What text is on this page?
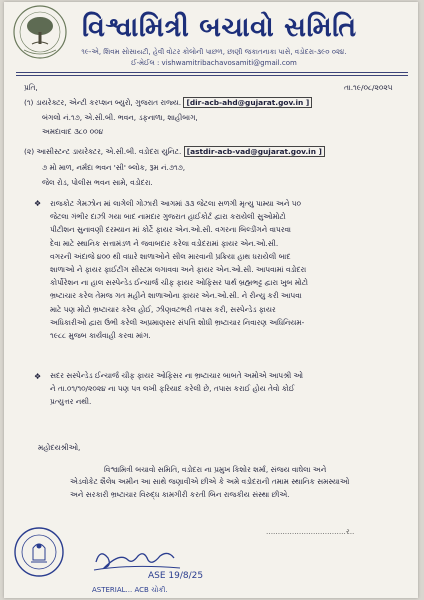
વિશ્વામિત્રી બચાવો સમિતિ
૧૯-એ, શિવમ સોસાયટી, હેવી વોટર કોલોની પાછળ, છાણી જકાતનાકા પાસે, વડોદરા-૩૯૦ ૦૨૪.
ઈ-મેઈલ : vishwamitribachavosamiti@gmail.com
પ્રતિ,	તા.૧૯/૦૮/૨૦૨૫
(૧) ડાયરેક્ટર, એન્ટી કરપ્શન બ્યુરો, ગુજરાત રાજ્ય. [dir-acb-ahd@gujarat.gov.in ]
બંગલો નં.૧૭, એ.સી.બી. ભવન, ડફનાળા, શાહીબાગ,
અમદાવાદ ૩૮૦ ૦૦૪
(૨) આસીસ્ટન્ટ ડાયરેક્ટર, એ.સી.બી. વડોદરા યુનિટ. [astdir-acb-vad@gujarat.gov.in ]
૭ મો માળ, નર્મદા ભવન 'સી' બ્લોક, રૂમ નં.૭૧૭,
જેલ રોડ, પોલીસ ભવન સામે, વડોદરા.
❖	રાજકોટ ગેમઝોન માં લાગેલી ગોઝારી આગમાં ૩૩ જેટલા સળગી મૃત્યુ પામ્યા અને ૫૦
જેટલા ગંભીર દાઝી ગયા બાદ નામદાર ગુજરાત હાઈકોર્ટ દ્વારા કરાયેલી સુઓમોટો
પીટીશન સુનાવણી દરમ્યાન માં કોર્ટે ફાયર એન.ઓ.સી. વગરના બિલ્ડીંગને વાપરવા
દેવા માટે સ્થાનિક સત્તામંડળ ને જવાબદાર કરેલા વડોદરામાં ફાયર એન.ઓ.સી.
વગરની અંદાજે ૪૦૦ થી વધારે શાળાઓને સીલ મારવાની પ્રક્રિયા હાથ ધરાયેલી બાદ
શાળાઓ ને ફાયર ફાઈટીંગ સીસ્ટમ લગાવવા અને ફાયર એન.ઓ.સી. આપવામાં વડોદરા
કોર્પોરેશન ના હાલ સસ્પેન્ડેડ ઈન્ચાર્જ ચીફ ફાયર ઓફિસર પાર્થ બ્રહ્મભટ્ટ દ્વારા ખુબ મોટો
ભ્રષ્ટાચાર કરેલ તેમજ ગત મહીને શાળાઓના ફાયર એન.ઓ.સી. ને રીન્યુ કરી આપવા
માટે પણ મોટો ભ્રષ્ટાચાર કરેલ હોઈ, ઝીણવટભરી તપાસ કરી, સસ્પેન્ડેડ ફાયર
અધિકારીઓ દ્વારા ઉભી કરેલી અપ્રમાણસર સંપત્તિ શોધી ભ્રષ્ટાચાર નિવારણ અધિનિયમ-
૧૯૮૮ મુજબ કાર્યવાહી કરવા માંગ.
❖	સદર સસ્પેન્ડેડ ઈન્ચાર્જ ચીફ ફાયર ઓફિસર ના ભ્રષ્ટાચાર બાબતે અમોએ આપશ્રી ઓ
ને તા.૦૧/૧૦/૨૦૨૪ ના પણ પત્ર લખી ફરિયાદ કરેલી છે, તપાસ કરાઈ હોય તેવો કોઈ
પ્રત્યુત્તર નથી.
મહોદયશ્રીઓ,
વિશ્વામિત્રી બચાવો સમિતિ, વડોદરા ના પ્રમુખ કિશોર શર્મા, સંજય વાઘેલા અને
એડવોકેટ શૈલેષ અમીન આ સાથે જણાવીએ છીએ કે અમે વડોદરાની તમામ સ્થાનિક સમસ્યાઓ
અને સરકારી ભ્રષ્ટાચાર વિરુદ્ધ કામગીરી કરતી બિન રાજકીય સંસ્થા છીએ.
..................................ર..
ASE 19/8/25
ASTERIAL... ACB ચોકી.
